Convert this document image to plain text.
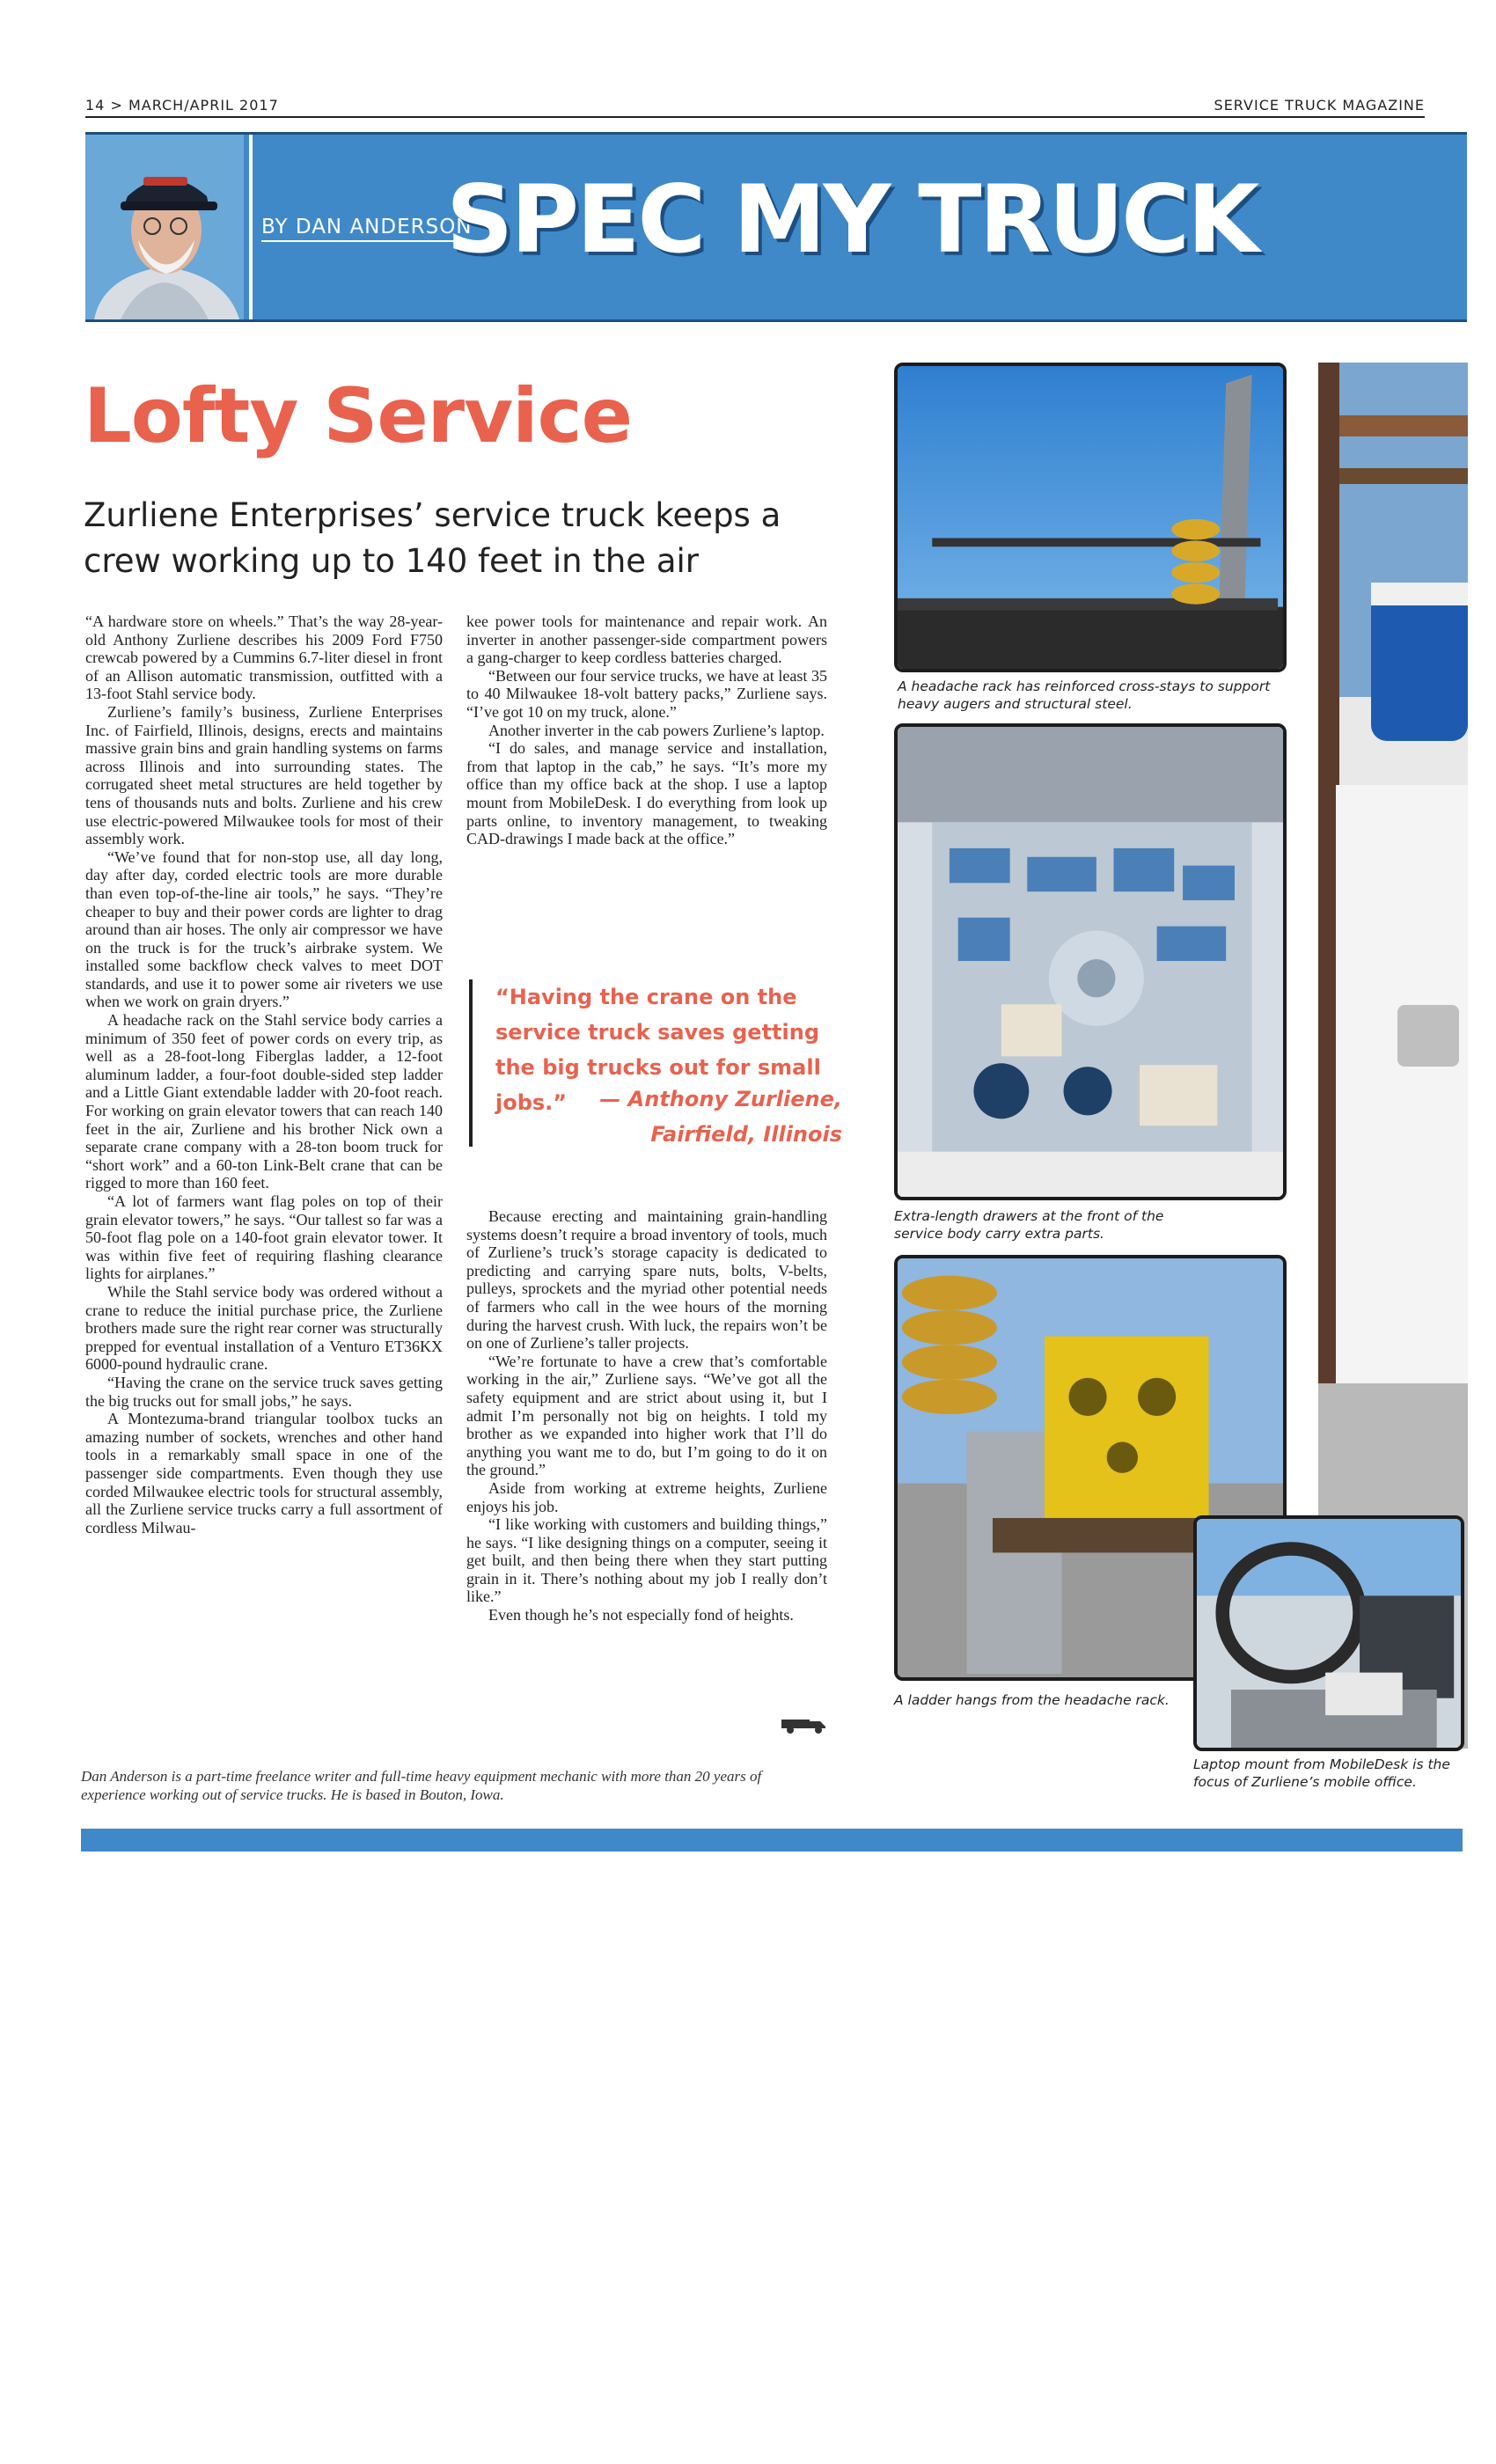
14 > MARCH/APRIL 2017	SERVICE TRUCK MAGAZINE
BY DAN ANDERSON
SPEC MY TRUCK
Lofty Service
Zurliene Enterprises’ service truck keeps a crew working up to 140 feet in the air

“A hardware store on wheels.” That’s the way 28-year-old Anthony Zurliene describes his 2009 Ford F750 crewcab powered by a Cummins 6.7-liter diesel in front of an Allison automatic transmission, outfitted with a 13-foot Stahl service body.

Zurliene’s family’s business, Zurliene Enterprises Inc. of Fairfield, Illinois, designs, erects and maintains massive grain bins and grain handling systems on farms across Illinois and into surrounding states. The corrugated sheet metal structures are held together by tens of thousands nuts and bolts. Zurliene and his crew use electric-powered Milwaukee tools for most of their assembly work.

“We’ve found that for non-stop use, all day long, day after day, corded electric tools are more durable than even top-of-the-line air tools,” he says. “They’re cheaper to buy and their power cords are lighter to drag around than air hoses. The only air compressor we have on the truck is for the truck’s airbrake system. We installed some backflow check valves to meet DOT standards, and use it to power some air riveters we use when we work on grain dryers.”

A headache rack on the Stahl service body carries a minimum of 350 feet of power cords on every trip, as well as a 28-foot-long Fiberglas ladder, a 12-foot aluminum ladder, a four-foot double-sided step ladder and a Little Giant extendable ladder with 20-foot reach. For working on grain elevator towers that can reach 140 feet in the air, Zurliene and his brother Nick own a separate crane company with a 28-ton boom truck for “short work” and a 60-ton Link-Belt crane that can be rigged to more than 160 feet.

“A lot of farmers want flag poles on top of their grain elevator towers,” he says. “Our tallest so far was a 50-foot flag pole on a 140-foot grain elevator tower. It was within five feet of requiring flashing clearance lights for airplanes.”

While the Stahl service body was ordered without a crane to reduce the initial purchase price, the Zurliene brothers made sure the right rear corner was structurally prepped for eventual installation of a Venturo ET36KX 6000-pound hydraulic crane.

“Having the crane on the service truck saves getting the big trucks out for small jobs,” he says.

A Montezuma-brand triangular toolbox tucks an amazing number of sockets, wrenches and other hand tools in a remarkably small space in one of the passenger side compartments. Even though they use corded Milwaukee electric tools for structural assembly, all the Zurliene service trucks carry a full assortment of cordless Milwau-

kee power tools for maintenance and repair work. An inverter in another passenger-side compartment powers a gang-charger to keep cordless batteries charged.

“Between our four service trucks, we have at least 35 to 40 Milwaukee 18-volt battery packs,” Zurliene says. “I’ve got 10 on my truck, alone.”

Another inverter in the cab powers Zurliene’s laptop.

“I do sales, and manage service and installation, from that laptop in the cab,” he says. “It’s more my office than my office back at the shop. I use a laptop mount from MobileDesk. I do everything from look up parts online, to inventory management, to tweaking CAD-drawings I made back at the office.”

“Having the crane on the service truck saves getting the big trucks out for small jobs.”	— Anthony Zurliene,
Fairfield, Illinois

Because erecting and maintaining grain-handling systems doesn’t require a broad inventory of tools, much of Zurliene’s truck’s storage capacity is dedicated to predicting and carrying spare nuts, bolts, V-belts, pulleys, sprockets and the myriad other potential needs of farmers who call in the wee hours of the morning during the harvest crush. With luck, the repairs won’t be on one of Zurliene’s taller projects.

“We’re fortunate to have a crew that’s comfortable working in the air,” Zurliene says. “We’ve got all the safety equipment and are strict about using it, but I admit I’m personally not big on heights. I told my brother as we expanded into higher work that I’ll do anything you want me to do, but I’m going to do it on the ground.”

Aside from working at extreme heights, Zurliene enjoys his job.

“I like working with customers and building things,” he says. “I like designing things on a computer, seeing it get built, and then being there when they start putting grain in it. There’s nothing about my job I really don’t like.”

Even though he’s not especially fond of heights.

A headache rack has reinforced cross-stays to support heavy augers and structural steel.
Extra-length drawers at the front of the service body carry extra parts.
A ladder hangs from the headache rack.
Laptop mount from MobileDesk is the focus of Zurliene’s mobile office.
Dan Anderson is a part-time freelance writer and full-time heavy equipment mechanic with more than 20 years of experience working out of service trucks. He is based in Bouton, Iowa.
